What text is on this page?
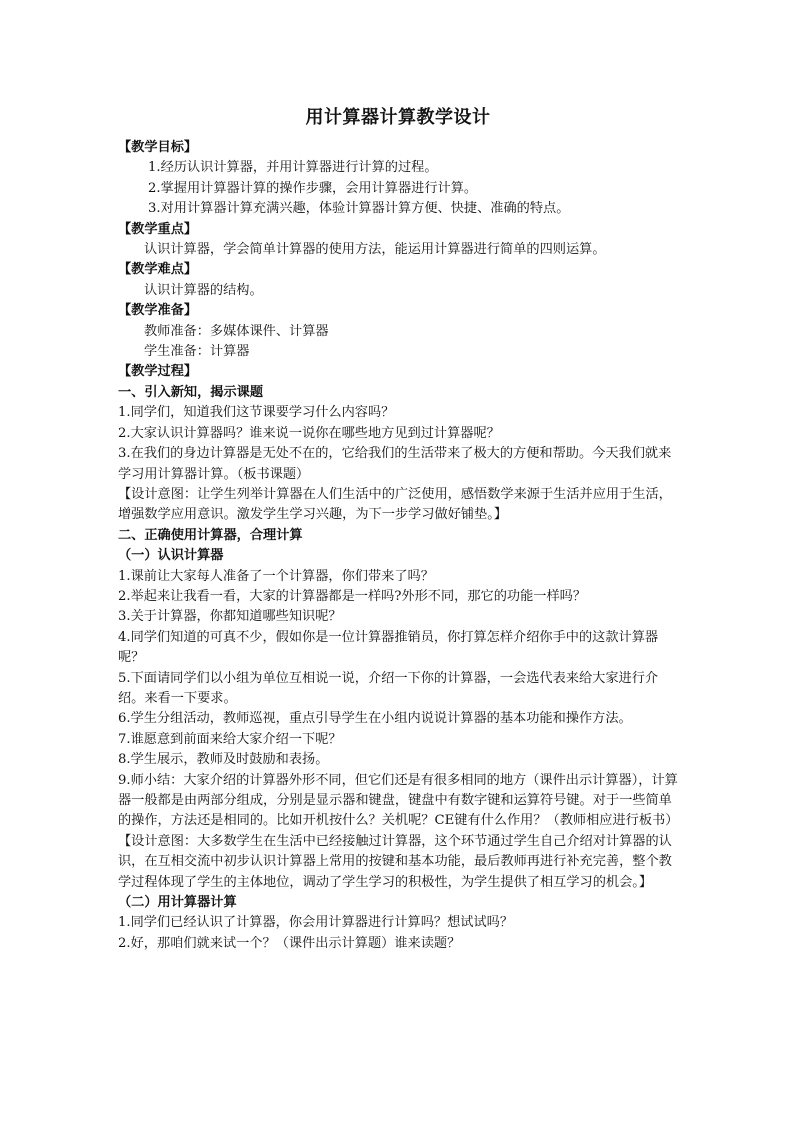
用计算器计算教学设计

【教学目标】

1.经历认识计算器，并用计算器进行计算的过程。

2.掌握用计算器计算的操作步骤，会用计算器进行计算。

3.对用计算器计算充满兴趣，体验计算器计算方便、快捷、准确的特点。

【教学重点】

认识计算器，学会简单计算器的使用方法，能运用计算器进行简单的四则运算。

【教学难点】

认识计算器的结构。

【教学准备】

教师准备：多媒体课件、计算器

学生准备：计算器

【教学过程】

一、引入新知，揭示课题

1.同学们，知道我们这节课要学习什么内容吗？

2.大家认识计算器吗？谁来说一说你在哪些地方见到过计算器呢？

3.在我们的身边计算器是无处不在的，它给我们的生活带来了极大的方便和帮助。今天我们就来学习用计算器计算。（板书课题）

【设计意图：让学生列举计算器在人们生活中的广泛使用，感悟数学来源于生活并应用于生活，增强数学应用意识。激发学生学习兴趣，为下一步学习做好铺垫。】

二、正确使用计算器，合理计算

（一）认识计算器

1.课前让大家每人准备了一个计算器，你们带来了吗？

2.举起来让我看一看，大家的计算器都是一样吗?外形不同，那它的功能一样吗？

3.关于计算器，你都知道哪些知识呢？

4.同学们知道的可真不少，假如你是一位计算器推销员，你打算怎样介绍你手中的这款计算器呢？

5.下面请同学们以小组为单位互相说一说，介绍一下你的计算器，一会选代表来给大家进行介绍。来看一下要求。

6.学生分组活动，教师巡视，重点引导学生在小组内说说计算器的基本功能和操作方法。

7.谁愿意到前面来给大家介绍一下呢？

8.学生展示，教师及时鼓励和表扬。

9.师小结：大家介绍的计算器外形不同，但它们还是有很多相同的地方（课件出示计算器），计算器一般都是由两部分组成，分别是显示器和键盘，键盘中有数字键和运算符号键。对于一些简单的操作，方法还是相同的。比如开机按什么？关机呢？CE键有什么作用？（教师相应进行板书）

【设计意图：大多数学生在生活中已经接触过计算器，这个环节通过学生自己介绍对计算器的认识，在互相交流中初步认识计算器上常用的按键和基本功能，最后教师再进行补充完善，整个教学过程体现了学生的主体地位，调动了学生学习的积极性，为学生提供了相互学习的机会。】

（二）用计算器计算

1.同学们已经认识了计算器，你会用计算器进行计算吗？想试试吗？

2.好，那咱们就来试一个？（课件出示计算题）谁来读题？
